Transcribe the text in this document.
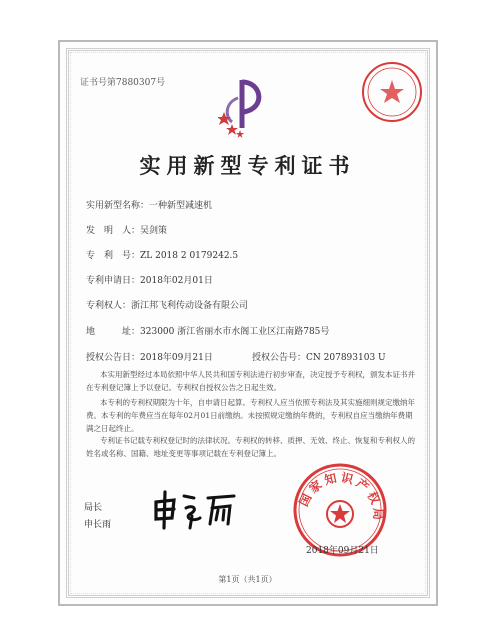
证书号第7880307号
实用新型专利证书
实用新型名称：一种新型减速机
发　明　人：吴剑策
专　利　号：ZL 2018 2 0179242.5
专利申请日：2018年02月01日
专利权人：浙江邦飞利传动设备有限公司
地　　　址：323000 浙江省丽水市水阁工业区江南路785号
授权公告日：2018年09月21日	授权公告号：CN 207893103 U
本实用新型经过本局依照中华人民共和国专利法进行初步审查，决定授予专利权，颁发本证书并在专利登记簿上予以登记。专利权自授权公告之日起生效。
本专利的专利权期限为十年，自申请日起算。专利权人应当依照专利法及其实施细则规定缴纳年费。本专利的年费应当在每年02月01日前缴纳。未按照规定缴纳年费的，专利权自应当缴纳年费期满之日起终止。
专利证书记载专利权登记时的法律状况。专利权的转移、质押、无效、终止、恢复和专利权人的姓名或名称、国籍、地址变更等事项记载在专利登记簿上。
局长
申长雨
国家知识产权局
2018年09月21日
第1页（共1页）
